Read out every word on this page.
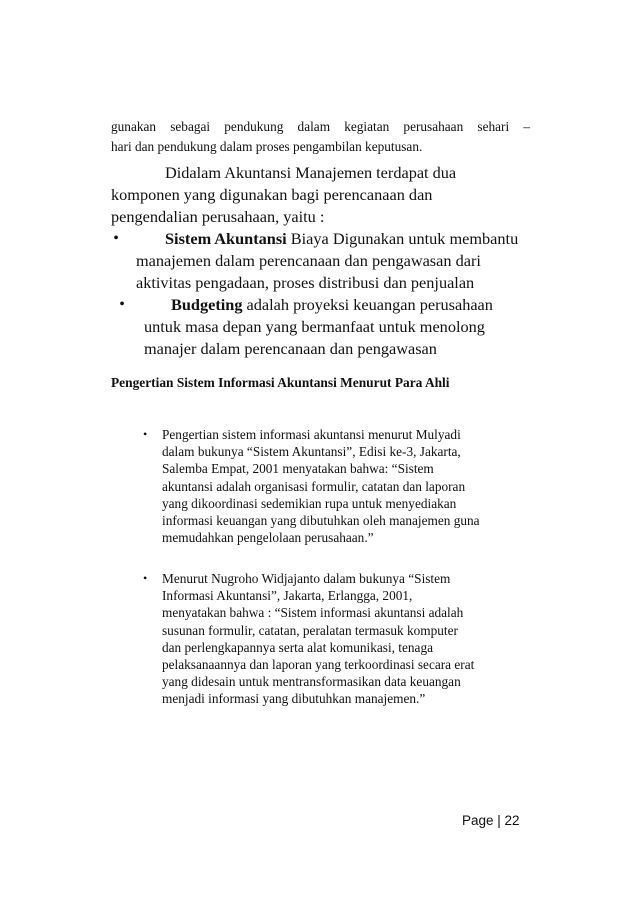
gunakan sebagai pendukung dalam kegiatan perusahaan sehari –
hari dan pendukung dalam proses pengambilan keputusan.
Didalam Akuntansi Manajemen terdapat dua
komponen yang digunakan bagi perencanaan dan
pengendalian perusahaan, yaitu :
•	Sistem Akuntansi Biaya Digunakan untuk membantu
manajemen dalam perencanaan dan pengawasan dari
aktivitas pengadaan, proses distribusi dan penjualan
•	Budgeting adalah proyeksi keuangan perusahaan
untuk masa depan yang bermanfaat untuk menolong
manajer dalam perencanaan dan pengawasan
Pengertian Sistem Informasi Akuntansi Menurut Para Ahli
• Pengertian sistem informasi akuntansi menurut Mulyadi
dalam bukunya “Sistem Akuntansi”, Edisi ke-3, Jakarta,
Salemba Empat, 2001 menyatakan bahwa: “Sistem
akuntansi adalah organisasi formulir, catatan dan laporan
yang dikoordinasi sedemikian rupa untuk menyediakan
informasi keuangan yang dibutuhkan oleh manajemen guna
memudahkan pengelolaan perusahaan.”
• Menurut Nugroho Widjajanto dalam bukunya “Sistem
Informasi Akuntansi”, Jakarta, Erlangga, 2001,
menyatakan bahwa : “Sistem informasi akuntansi adalah
susunan formulir, catatan, peralatan termasuk komputer
dan perlengkapannya serta alat komunikasi, tenaga
pelaksanaannya dan laporan yang terkoordinasi secara erat
yang didesain untuk mentransformasikan data keuangan
menjadi informasi yang dibutuhkan manajemen.”
Page | 22
